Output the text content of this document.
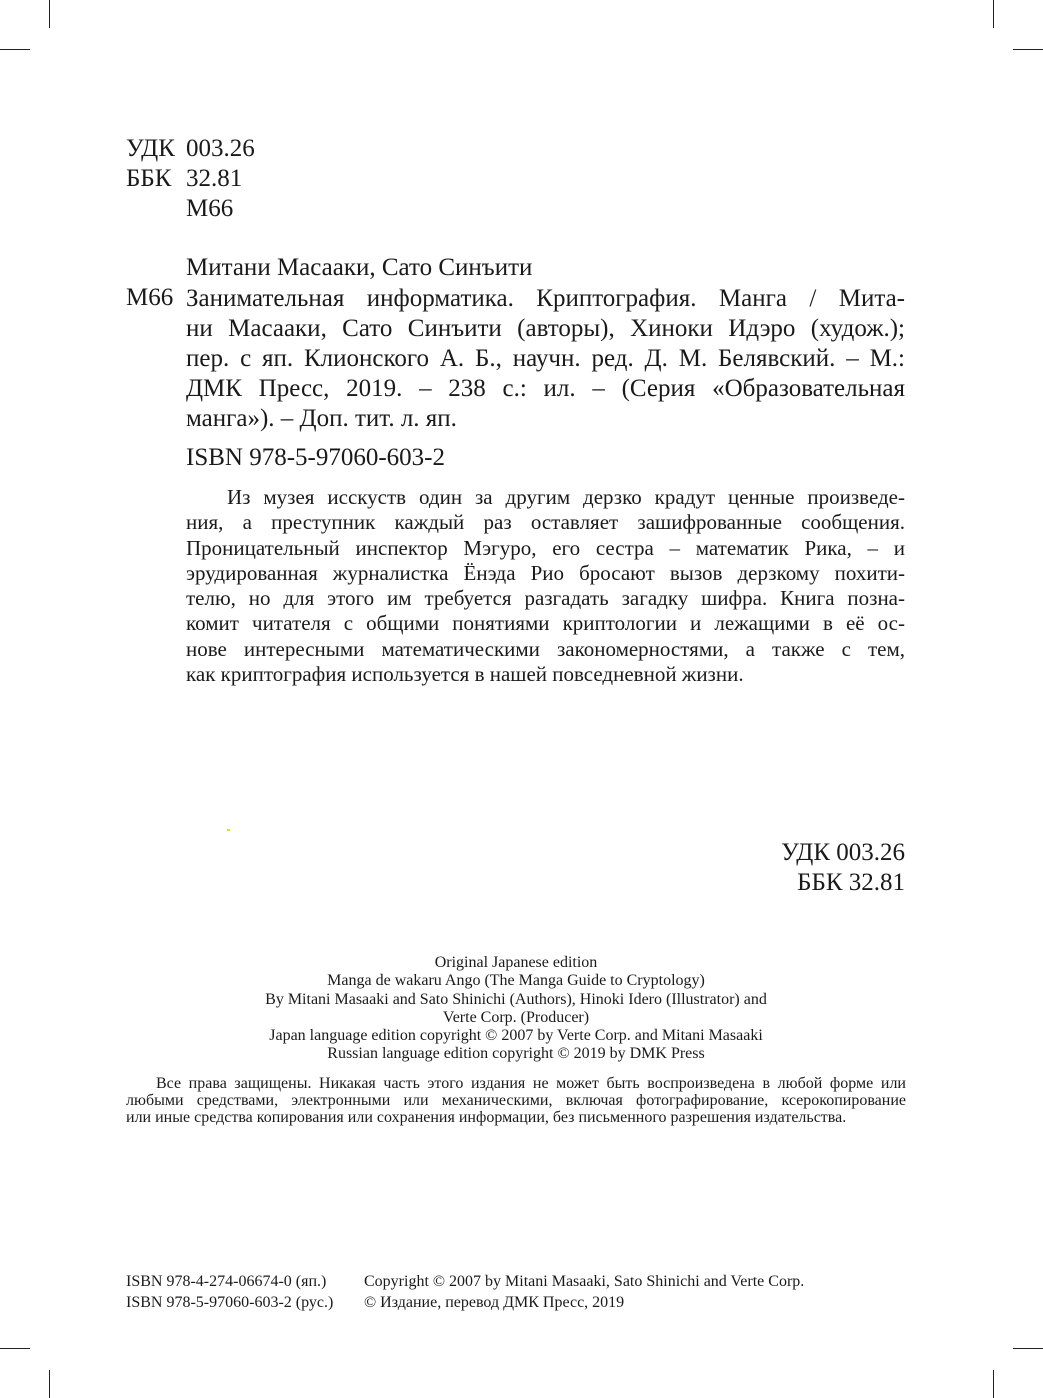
УДК 003.26
ББК 32.81
М66
Митани Масааки, Сато Синъити
М66 Занимательная информатика. Криптография. Манга / Мита-
ни Масааки, Сато Синъити (авторы), Хиноки Идэро (худож.);
пер. с яп. Клионского А. Б., научн. ред. Д. М. Белявский. – М.:
ДМК Пресс, 2019. – 238 с.: ил. – (Серия «Образовательная
манга»). – Доп. тит. л. яп.
ISBN 978-5-97060-603-2
Из музея исскуств один за другим дерзко крадут ценные произведе-
ния, а преступник каждый раз оставляет зашифрованные сообщения.
Проницательный инспектор Мэгуро, его сестра – математик Рика, – и
эрудированная журналистка Ёнэда Рио бросают вызов дерзкому похити-
телю, но для этого им требуется разгадать загадку шифра. Книга позна-
комит читателя с общими понятиями криптологии и лежащими в её ос-
нове интересными математическими закономерностями, а также с тем,
как криптография используется в нашей повседневной жизни.
УДК 003.26
ББК 32.81
Original Japanese edition
Manga de wakaru Ango (The Manga Guide to Cryptology)
By Mitani Masaaki and Sato Shinichi (Authors), Hinoki Idero (Illustrator) and
Verte Corp. (Producer)
Japan language edition copyright © 2007 by Verte Corp. and Mitani Masaaki
Russian language edition copyright © 2019 by DMK Press
Все права защищены. Никакая часть этого издания не может быть воспроизведена в любой форме или
любыми средствами, электронными или механическими, включая фотографирование, ксерокопирование
или иные средства копирования или сохранения информации, без письменного разрешения издательства.
ISBN 978-4-274-06674-0 (яп.)
ISBN 978-5-97060-603-2 (рус.)
Copyright © 2007 by Mitani Masaaki, Sato Shinichi and Verte Corp.
© Издание, перевод ДМК Пресс, 2019
